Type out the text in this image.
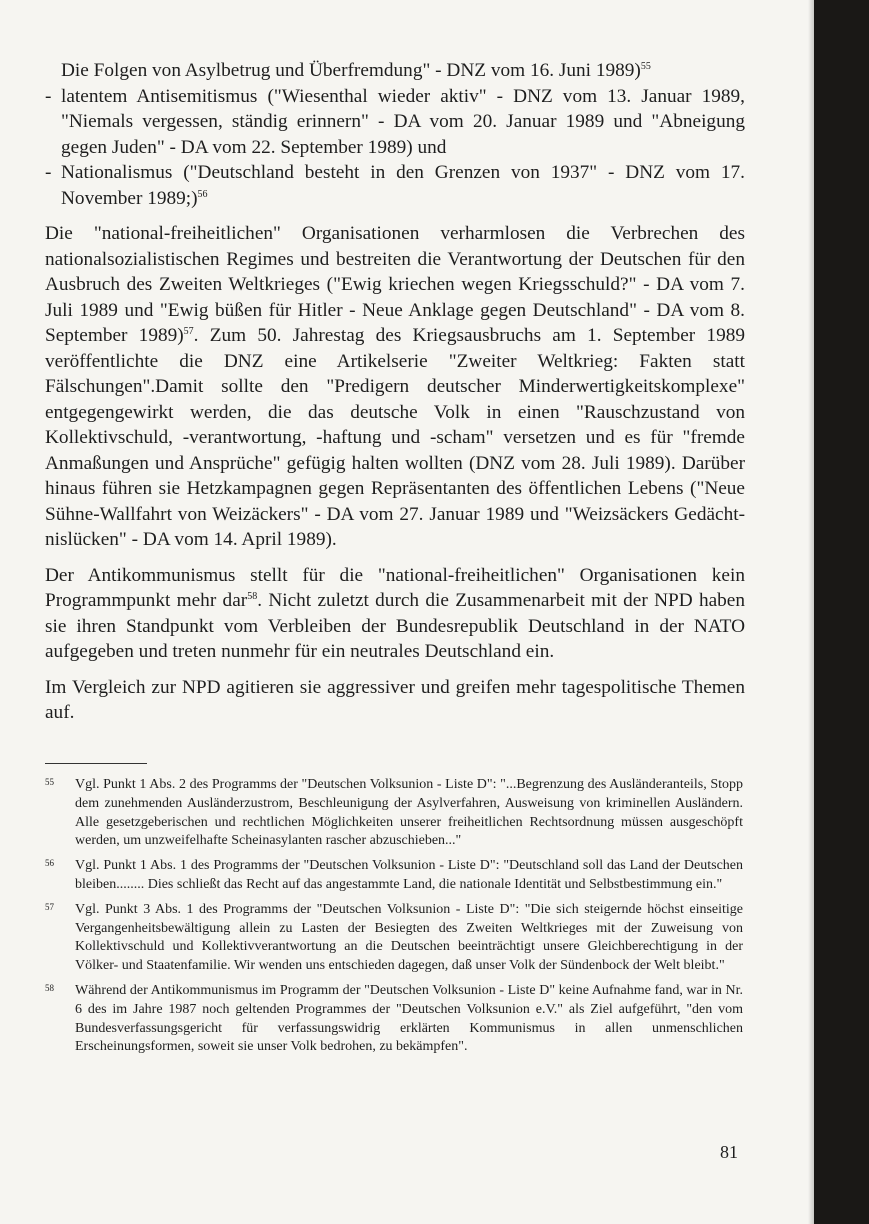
Die Folgen von Asylbetrug und Überfremdung" - DNZ vom 16. Juni 1989)$^{55}$
- latentem Antisemitismus ("Wiesenthal wieder aktiv" - DNZ vom 13. Januar 1989, "Niemals vergessen, ständig erinnern" - DA vom 20. Januar 1989 und "Abneigung gegen Juden" - DA vom 22. September 1989) und
- Nationalismus ("Deutschland besteht in den Grenzen von 1937" - DNZ vom 17. November 1989;)$^{56}$

Die "national-freiheitlichen" Organisationen verharmlosen die Verbrechen des nationalsozialistischen Regimes und bestreiten die Verantwortung der Deutschen für den Ausbruch des Zweiten Weltkrieges ("Ewig kriechen wegen Kriegsschuld?" - DA vom 7. Juli 1989 und "Ewig büßen für Hitler - Neue Anklage gegen Deutschland" - DA vom 8. September 1989)$^{57}$. Zum 50. Jahrestag des Kriegsausbruchs am 1. September 1989 veröffentlichte die DNZ eine Artikelserie "Zweiter Weltkrieg: Fakten statt Fälschungen".Damit sollte den "Predigern deutscher Minderwertigkeitskomplexe" entgegengewirkt werden, die das deutsche Volk in einen "Rauschzustand von Kollektivschuld, -verantwortung, -haftung und -scham" versetzen und es für "fremde Anmaßungen und Ansprüche" gefügig halten wollten (DNZ vom 28. Juli 1989). Darüber hinaus führen sie Hetzkampagnen gegen Repräsentanten des öffentlichen Lebens ("Neue Sühne-Wallfahrt von Weizäckers" - DA vom 27. Januar 1989 und "Weizsäckers Gedächtnislücken" - DA vom 14. April 1989).

Der Antikommunismus stellt für die "national-freiheitlichen" Organisationen kein Programmpunkt mehr dar$^{58}$. Nicht zuletzt durch die Zusammenarbeit mit der NPD haben sie ihren Standpunkt vom Verbleiben der Bundesrepublik Deutschland in der NATO aufgegeben und treten nunmehr für ein neutrales Deutschland ein.

Im Vergleich zur NPD agitieren sie aggressiver und greifen mehr tagespolitische Themen auf.

55 Vgl. Punkt 1 Abs. 2 des Programms der "Deutschen Volksunion - Liste D": "...Begrenzung des Ausländeranteils, Stopp dem zunehmenden Ausländerzustrom, Beschleunigung der Asylverfahren, Ausweisung von kriminellen Ausländern. Alle gesetzgeberischen und rechtlichen Möglichkeiten unserer freiheitlichen Rechtsordnung müssen ausgeschöpft werden, um unzweifelhafte Scheinasylanten rascher abzuschieben..."
56 Vgl. Punkt 1 Abs. 1 des Programms der "Deutschen Volksunion - Liste D": "Deutschland soll das Land der Deutschen bleiben........ Dies schließt das Recht auf das angestammte Land, die nationale Identität und Selbstbestimmung ein."
57 Vgl. Punkt 3 Abs. 1 des Programms der "Deutschen Volksunion - Liste D": "Die sich steigernde höchst einseitige Vergangenheitsbewältigung allein zu Lasten der Besiegten des Zweiten Weltkrieges mit der Zuweisung von Kollektivschuld und Kollektivverantwortung an die Deutschen beeinträchtigt unsere Gleichberechtigung in der Völker- und Staatenfamilie. Wir wenden uns entschieden dagegen, daß unser Volk der Sündenbock der Welt bleibt."
58 Während der Antikommunismus im Programm der "Deutschen Volksunion - Liste D" keine Aufnahme fand, war in Nr. 6 des im Jahre 1987 noch geltenden Programmes der "Deutschen Volksunion e.V." als Ziel aufgeführt, "den vom Bundesverfassungsgericht für verfassungswidrig erklärten Kommunismus in allen unmenschlichen Erscheinungsformen, soweit sie unser Volk bedrohen, zu bekämpfen".
81
